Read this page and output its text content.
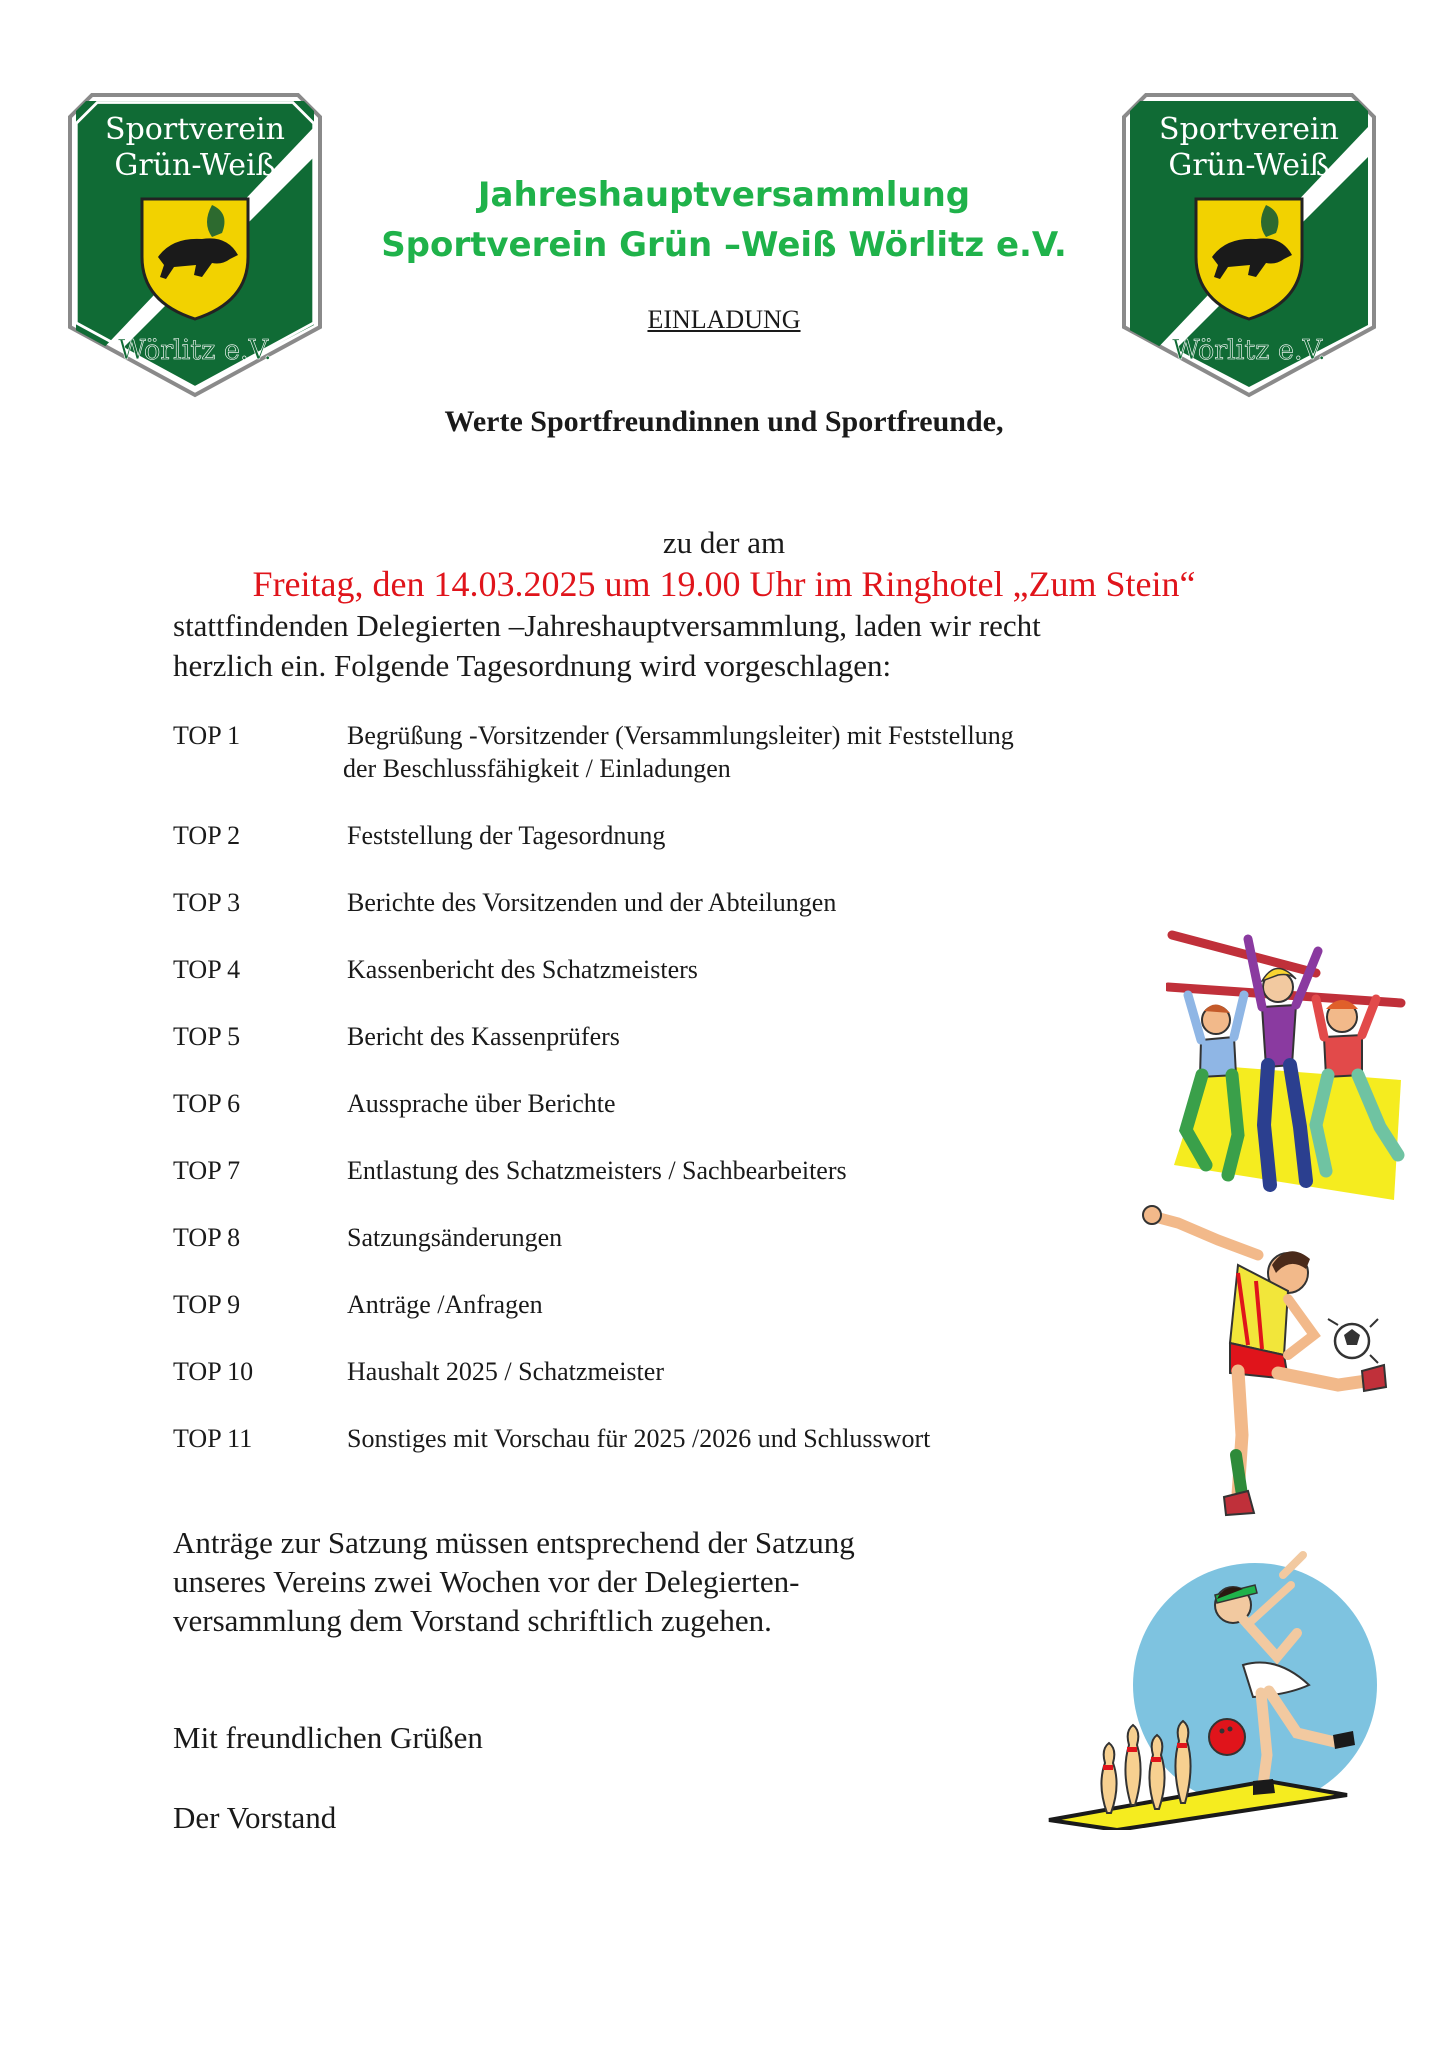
Sportverein
Grün-Weiß
Wörlitz e.V.
Sportverein
Grün-Weiß
Wörlitz e.V.
Jahreshauptversammlung
Sportverein Grün –Weiß Wörlitz e.V.
EINLADUNG
Werte Sportfreundinnen und Sportfreunde,
zu der am
Freitag, den 14.03.2025 um 19.00 Uhr im Ringhotel „Zum Stein“
stattfindenden Delegierten –Jahreshauptversammlung, laden wir recht
herzlich ein. Folgende Tagesordnung wird vorgeschlagen:
TOP 1	Begrüßung -Vorsitzender (Versammlungsleiter) mit Feststellung
der Beschlussfähigkeit / Einladungen
TOP 2	Feststellung der Tagesordnung
TOP 3	Berichte des Vorsitzenden und der Abteilungen
TOP 4	Kassenbericht des Schatzmeisters
TOP 5	Bericht des Kassenprüfers
TOP 6	Aussprache über Berichte
TOP 7	Entlastung des Schatzmeisters / Sachbearbeiters
TOP 8	Satzungsänderungen
TOP 9	Anträge /Anfragen
TOP 10	Haushalt 2025 / Schatzmeister
TOP 11	Sonstiges mit Vorschau für 2025 /2026 und Schlusswort
Anträge zur Satzung müssen entsprechend der Satzung
unseres Vereins zwei Wochen vor der Delegierten-
versammlung dem Vorstand schriftlich zugehen.
Mit freundlichen Grüßen
Der Vorstand
